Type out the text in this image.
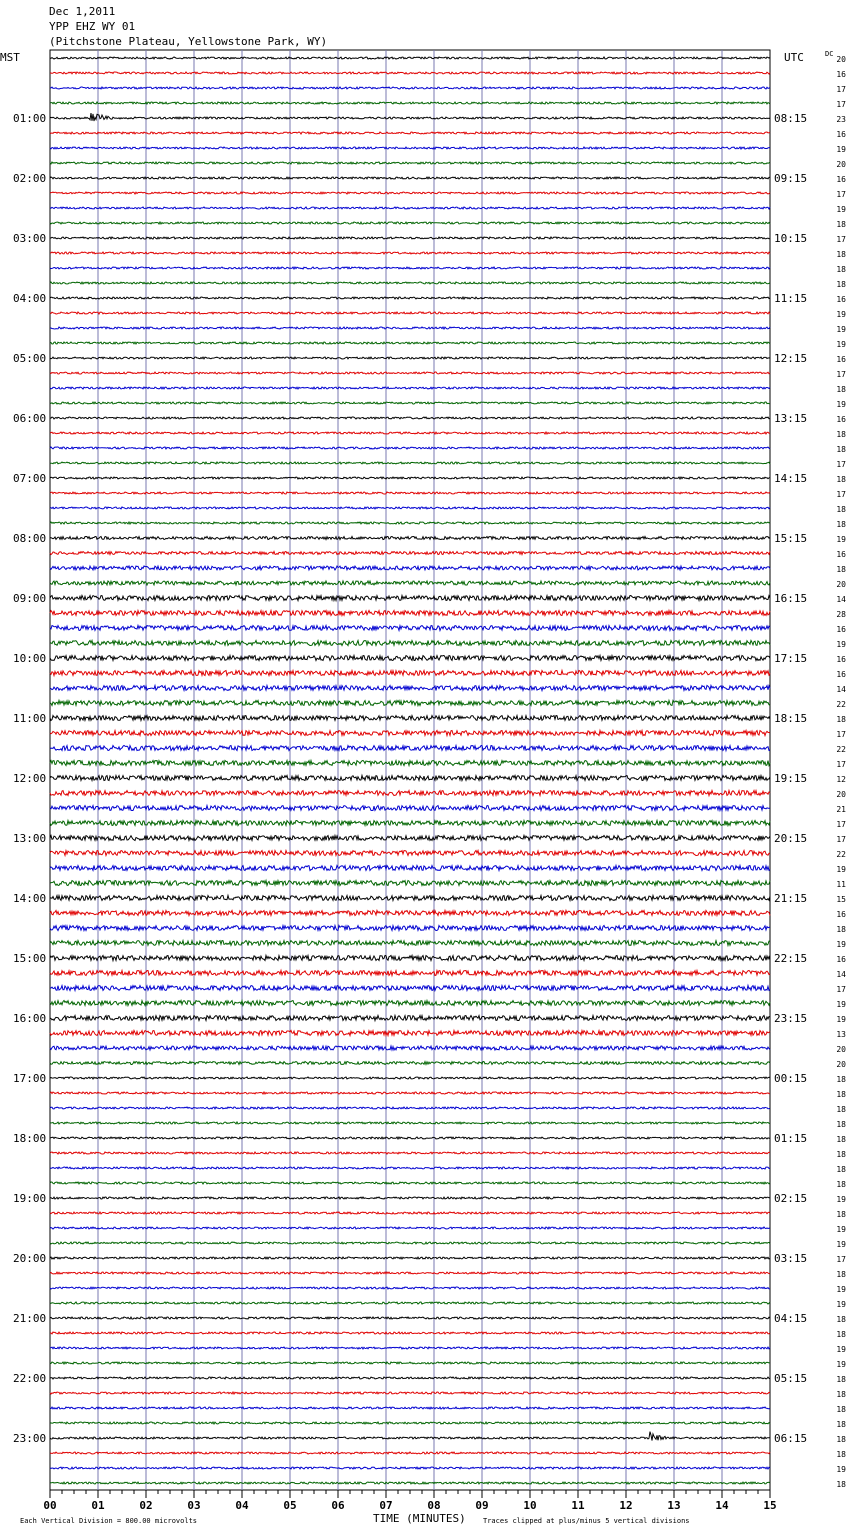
Dec 1,2011
YPP EHZ WY 01
(Pitchstone Plateau, Yellowstone Park, WY)
00	01	02	03	04	05	06	07	08	09	10	11	12	13	14	15
20
16
17
17
23
16
19
20
16
17
19
18
17
18
18
18
16
19
19
19
16
17
18
19
16
18
18
17
18
17
18
18
19
16
18
20
14
28
16
19
16
16
14
22
18
17
22
17
12
20
21
17
17
22
19
11
15
16
18
19
16
14
17
19
19
13
20
20
18
18
18
18
18
18
18
18
19
18
19
19
17
18
19
19
18
18
19
19
18
18
18
18
18
18
19
18
MST	UTC	DC
01:00
02:00
03:00
04:00
05:00
06:00
07:00
08:00
09:00
10:00
11:00
12:00
13:00
14:00
15:00
16:00
17:00
18:00
19:00
20:00
21:00
22:00
23:00
08:15
09:15
10:15
11:15
12:15
13:15
14:15
15:15
16:15
17:15
18:15
19:15
20:15
21:15
22:15
23:15
00:15
01:15
02:15
03:15
04:15
05:15
06:15
Each Vertical Division = 800.00 microvolts	TIME (MINUTES) Traces clipped at plus/minus 5 vertical divisions
